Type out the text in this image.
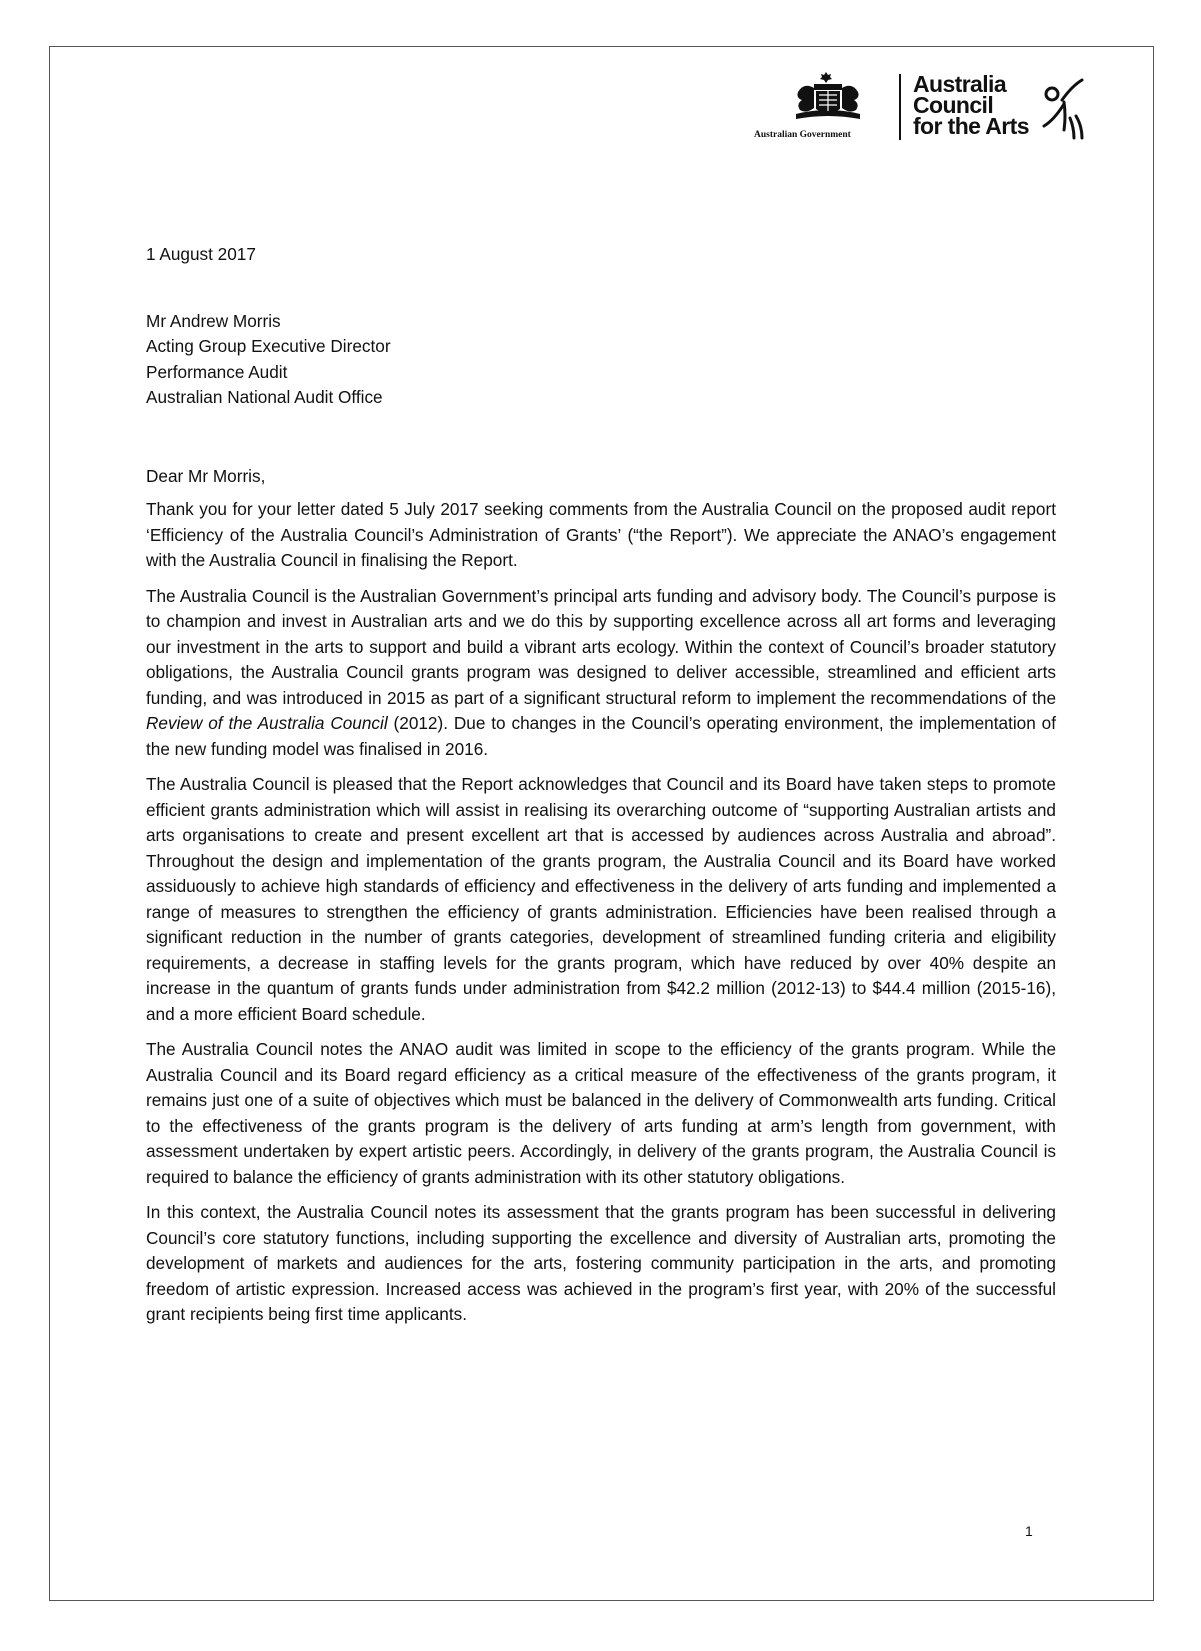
Australian Government
Australia
Council
for the Arts

1 August 2017

Mr Andrew Morris
Acting Group Executive Director
Performance Audit
Australian National Audit Office

Dear Mr Morris,

Thank you for your letter dated 5 July 2017 seeking comments from the Australia Council on the proposed audit report ‘Efficiency of the Australia Council’s Administration of Grants’ (“the Report”). We appreciate the ANAO’s engagement with the Australia Council in finalising the Report.

The Australia Council is the Australian Government’s principal arts funding and advisory body. The Council’s purpose is to champion and invest in Australian arts and we do this by supporting excellence across all art forms and leveraging our investment in the arts to support and build a vibrant arts ecology. Within the context of Council’s broader statutory obligations, the Australia Council grants program was designed to deliver accessible, streamlined and efficient arts funding, and was introduced in 2015 as part of a significant structural reform to implement the recommendations of the Review of the Australia Council (2012). Due to changes in the Council’s operating environment, the implementation of the new funding model was finalised in 2016.

The Australia Council is pleased that the Report acknowledges that Council and its Board have taken steps to promote efficient grants administration which will assist in realising its overarching outcome of “supporting Australian artists and arts organisations to create and present excellent art that is accessed by audiences across Australia and abroad”. Throughout the design and implementation of the grants program, the Australia Council and its Board have worked assiduously to achieve high standards of efficiency and effectiveness in the delivery of arts funding and implemented a range of measures to strengthen the efficiency of grants administration. Efficiencies have been realised through a significant reduction in the number of grants categories, development of streamlined funding criteria and eligibility requirements, a decrease in staffing levels for the grants program, which have reduced by over 40% despite an increase in the quantum of grants funds under administration from $42.2 million (2012-13) to $44.4 million (2015-16), and a more efficient Board schedule.

The Australia Council notes the ANAO audit was limited in scope to the efficiency of the grants program. While the Australia Council and its Board regard efficiency as a critical measure of the effectiveness of the grants program, it remains just one of a suite of objectives which must be balanced in the delivery of Commonwealth arts funding. Critical to the effectiveness of the grants program is the delivery of arts funding at arm’s length from government, with assessment undertaken by expert artistic peers. Accordingly, in delivery of the grants program, the Australia Council is required to balance the efficiency of grants administration with its other statutory obligations.

In this context, the Australia Council notes its assessment that the grants program has been successful in delivering Council’s core statutory functions, including supporting the excellence and diversity of Australian arts, promoting the development of markets and audiences for the arts, fostering community participation in the arts, and promoting freedom of artistic expression. Increased access was achieved in the program’s first year, with 20% of the successful grant recipients being first time applicants.

1
